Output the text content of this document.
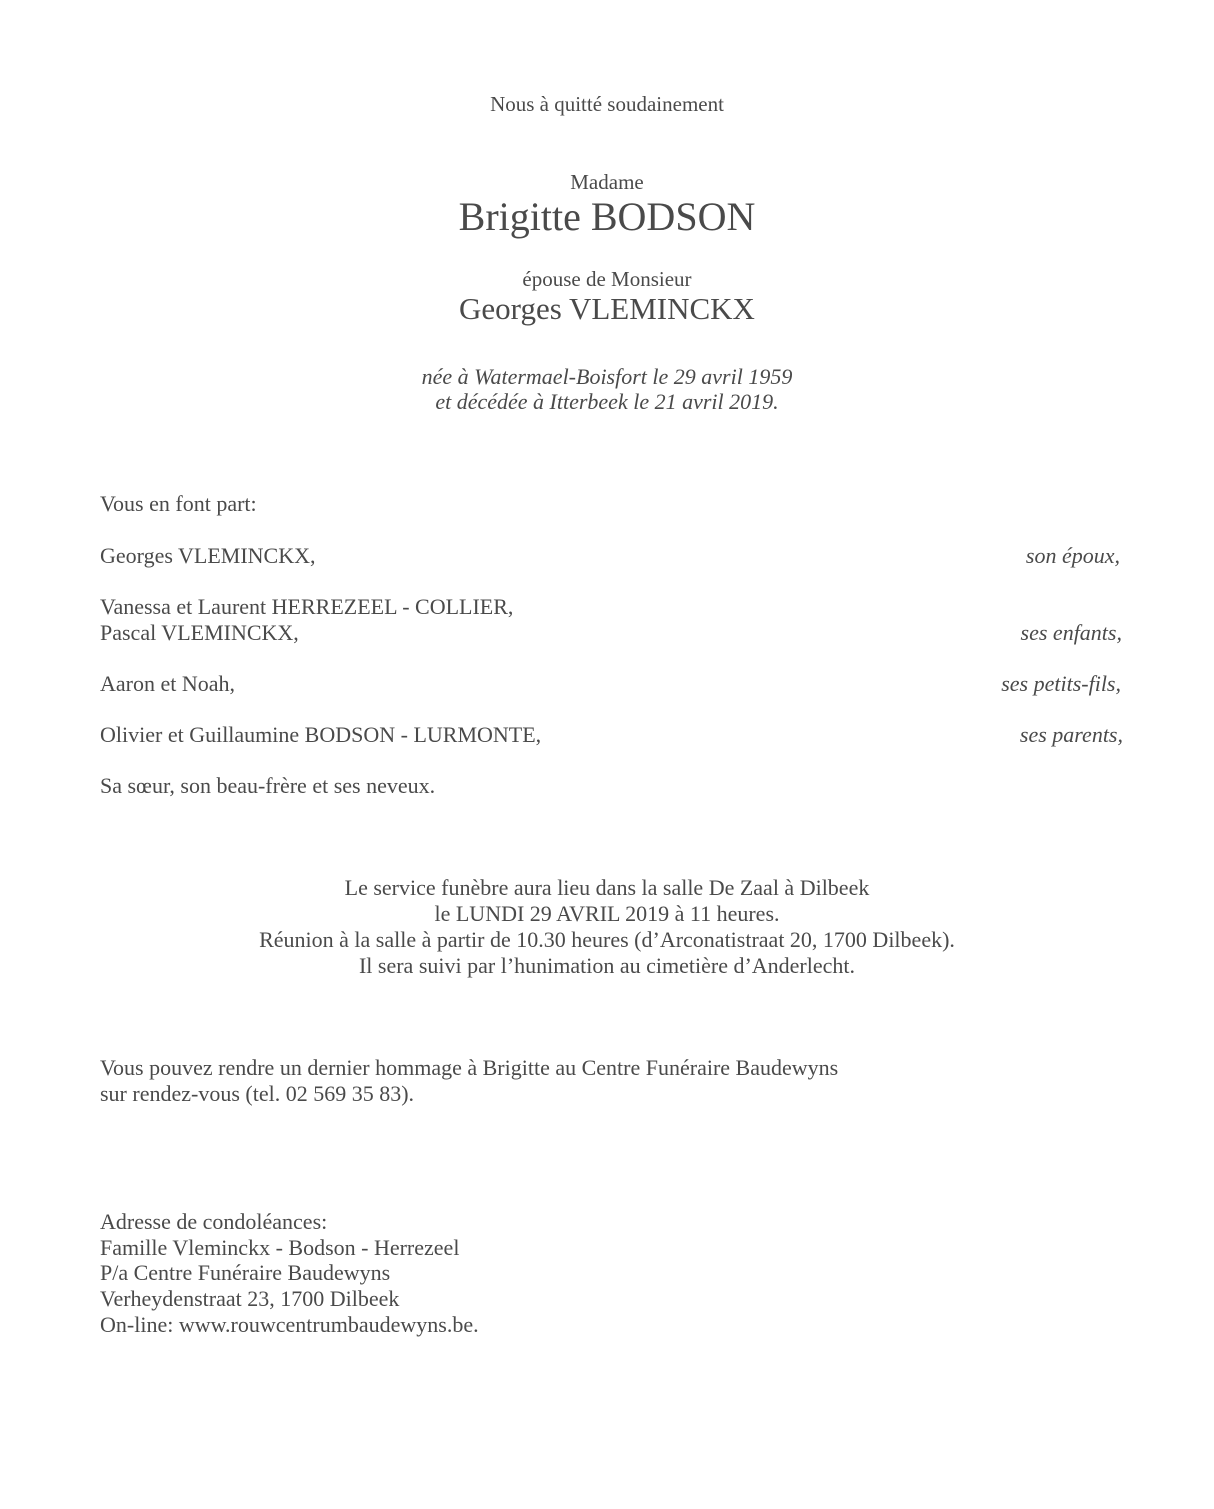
Nous à quitté soudainement
Madame
Brigitte BODSON
épouse de Monsieur
Georges VLEMINCKX
née à Watermael-Boisfort le 29 avril 1959
et décédée à Itterbeek le 21 avril 2019.
Vous en font part:
Georges VLEMINCKX,	son époux,
Vanessa et Laurent HERREZEEL - COLLIER,
Pascal VLEMINCKX,	ses enfants,
Aaron et Noah,	ses petits-fils,
Olivier et Guillaumine BODSON - LURMONTE,	ses parents,
Sa sœur, son beau-frère et ses neveux.
Le service funèbre aura lieu dans la salle De Zaal à Dilbeek
le LUNDI 29 AVRIL 2019 à 11 heures.
Réunion à la salle à partir de 10.30 heures (d’Arconatistraat 20, 1700 Dilbeek).
Il sera suivi par l’hunimation au cimetière d’Anderlecht.
Vous pouvez rendre un dernier hommage à Brigitte au Centre Funéraire Baudewyns
sur rendez-vous (tel. 02 569 35 83).
Adresse de condoléances:
Famille Vleminckx - Bodson - Herrezeel
P/a Centre Funéraire Baudewyns
Verheydenstraat 23, 1700 Dilbeek
On-line: www.rouwcentrumbaudewyns.be.
